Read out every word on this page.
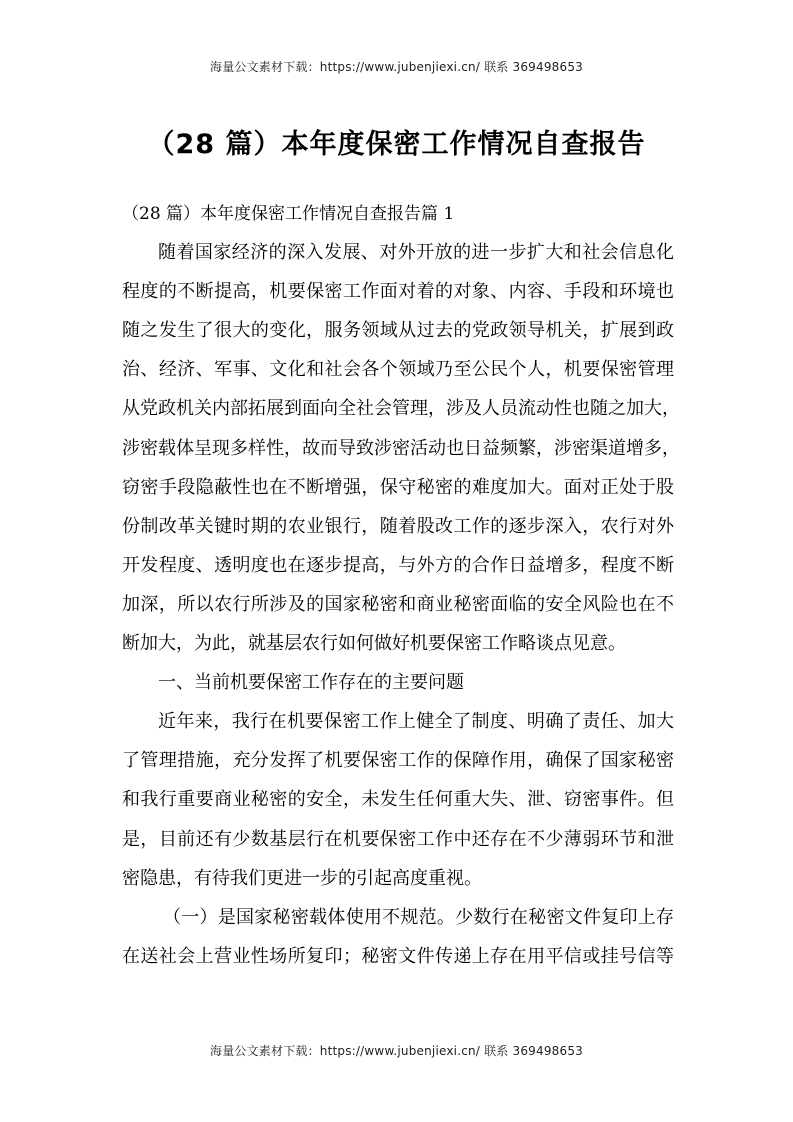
海量公文素材下载：https://www.jubenjiexi.cn/ 联系 369498653
（28 篇）本年度保密工作情况自查报告
（28 篇）本年度保密工作情况自查报告篇 1
随着国家经济的深入发展、对外开放的进一步扩大和社会信息化
程度的不断提高，机要保密工作面对着的对象、内容、手段和环境也
随之发生了很大的变化，服务领域从过去的党政领导机关，扩展到政
治、经济、军事、文化和社会各个领域乃至公民个人，机要保密管理
从党政机关内部拓展到面向全社会管理，涉及人员流动性也随之加大，
涉密载体呈现多样性，故而导致涉密活动也日益频繁，涉密渠道增多，
窃密手段隐蔽性也在不断增强，保守秘密的难度加大。面对正处于股
份制改革关键时期的农业银行，随着股改工作的逐步深入，农行对外
开发程度、透明度也在逐步提高，与外方的合作日益增多，程度不断
加深，所以农行所涉及的国家秘密和商业秘密面临的安全风险也在不
断加大，为此，就基层农行如何做好机要保密工作略谈点见意。
一、当前机要保密工作存在的主要问题
近年来，我行在机要保密工作上健全了制度、明确了责任、加大
了管理措施，充分发挥了机要保密工作的保障作用，确保了国家秘密
和我行重要商业秘密的安全，未发生任何重大失、泄、窃密事件。但
是，目前还有少数基层行在机要保密工作中还存在不少薄弱环节和泄
密隐患，有待我们更进一步的引起高度重视。
（一）是国家秘密载体使用不规范。少数行在秘密文件复印上存
在送社会上营业性场所复印；秘密文件传递上存在用平信或挂号信等
海量公文素材下载：https://www.jubenjiexi.cn/ 联系 369498653
